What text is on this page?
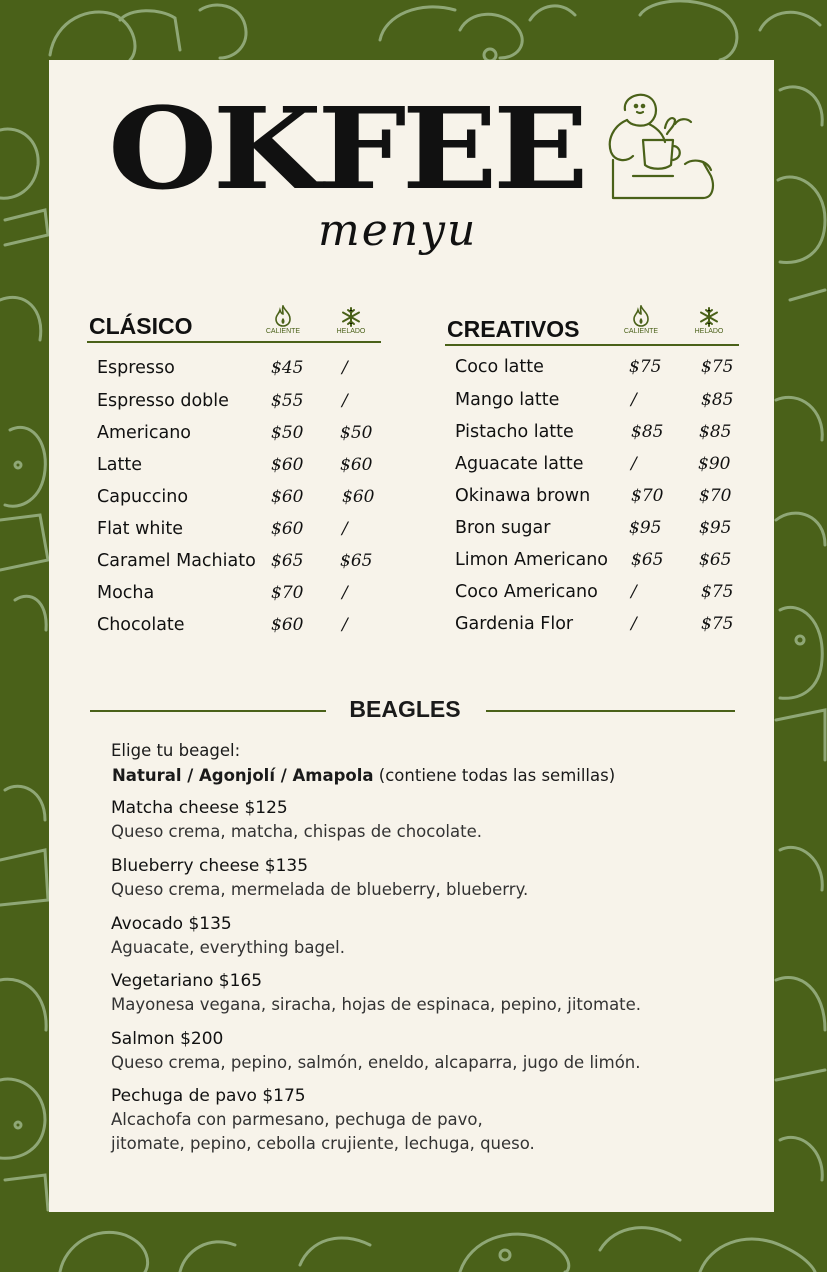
OKFEE
menyu
CLÁSICO	CALIENTE	HELADO
Espresso	$45 /
Espresso doble $55 /
Americano	$50 $50
Latte	$60 $60
Capuccino	$60 $60
Flat white	$60 /
Caramel Machiato $65 $65
Mocha	$70 /
Chocolate	$60 /
CREATIVOS	CALIENTE	HELADO
Coco latte	$75 $75
Mango latte	/	$85
Pistacho latte	$85 $85
Aguacate latte	/	$90
Okinawa brown $70 $70
Bron sugar	$95 $95
Limon Americano $65 $65
Coco Americano /	$75
Gardenia Flor	/	$75
BEAGLES
Elige tu beagel:
Natural / Agonjolí / Amapola (contiene todas las semillas)
Matcha cheese $125
Queso crema, matcha, chispas de chocolate.
Blueberry cheese $135
Queso crema, mermelada de blueberry, blueberry.
Avocado $135
Aguacate, everything bagel.
Vegetariano $165
Mayonesa vegana, siracha, hojas de espinaca, pepino, jitomate.
Salmon $200
Queso crema, pepino, salmón, eneldo, alcaparra, jugo de limón.
Pechuga de pavo $175
Alcachofa con parmesano, pechuga de pavo,
jitomate, pepino, cebolla crujiente, lechuga, queso.
